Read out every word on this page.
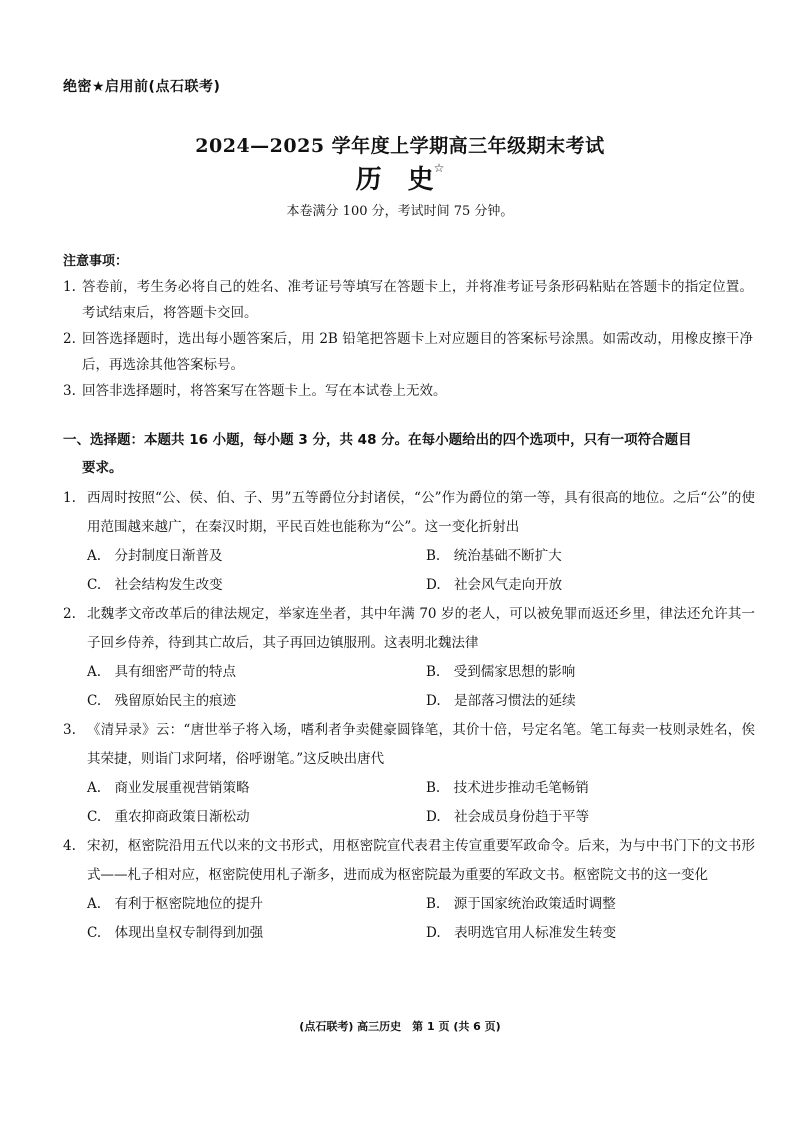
绝密★启用前(点石联考)
2024—2025 学年度上学期高三年级期末考试
历　史☆
本卷满分 100 分，考试时间 75 分钟。
注意事项：
1. 答卷前，考生务必将自己的姓名、准考证号等填写在答题卡上，并将准考证号条形码粘贴在答题卡的指定位置。考试结束后，将答题卡交回。
2. 回答选择题时，选出每小题答案后，用 2B 铅笔把答题卡上对应题目的答案标号涂黑。如需改动，用橡皮擦干净后，再选涂其他答案标号。
3. 回答非选择题时，将答案写在答题卡上。写在本试卷上无效。
一、选择题：本题共 16 小题，每小题 3 分，共 48 分。在每小题给出的四个选项中，只有一项符合题目
要求。
1. 西周时按照“公、侯、伯、子、男”五等爵位分封诸侯，“公”作为爵位的第一等，具有很高的地位。之后“公”的使用范围越来越广，在秦汉时期，平民百姓也能称为“公”。这一变化折射出
A.　分封制度日渐普及	B.　统治基础不断扩大
C.　社会结构发生改变	D.　社会风气走向开放
2. 北魏孝文帝改革后的律法规定，举家连坐者，其中年满 70 岁的老人，可以被免罪而返还乡里，律法还允许其一子回乡侍养，待到其亡故后，其子再回边镇服刑。这表明北魏法律
A.　具有细密严苛的特点	B.　受到儒家思想的影响
C.　残留原始民主的痕迹	D.　是部落习惯法的延续
3. 《清异录》云：“唐世举子将入场，嗜利者争卖健豪圆锋笔，其价十倍，号定名笔。笔工每卖一枝则录姓名，俟其荣捷，则诣门求阿堵，俗呼谢笔。”这反映出唐代
A.　商业发展重视营销策略	B.　技术进步推动毛笔畅销
C.　重农抑商政策日渐松动	D.　社会成员身份趋于平等
4. 宋初，枢密院沿用五代以来的文书形式，用枢密院宣代表君主传宣重要军政命令。后来，为与中书门下的文书形式——札子相对应，枢密院使用札子渐多，进而成为枢密院最为重要的军政文书。枢密院文书的这一变化
A.　有利于枢密院地位的提升	B.　源于国家统治政策适时调整
C.　体现出皇权专制得到加强	D.　表明选官用人标准发生转变
(点石联考) 高三历史　第 1 页 (共 6 页)
